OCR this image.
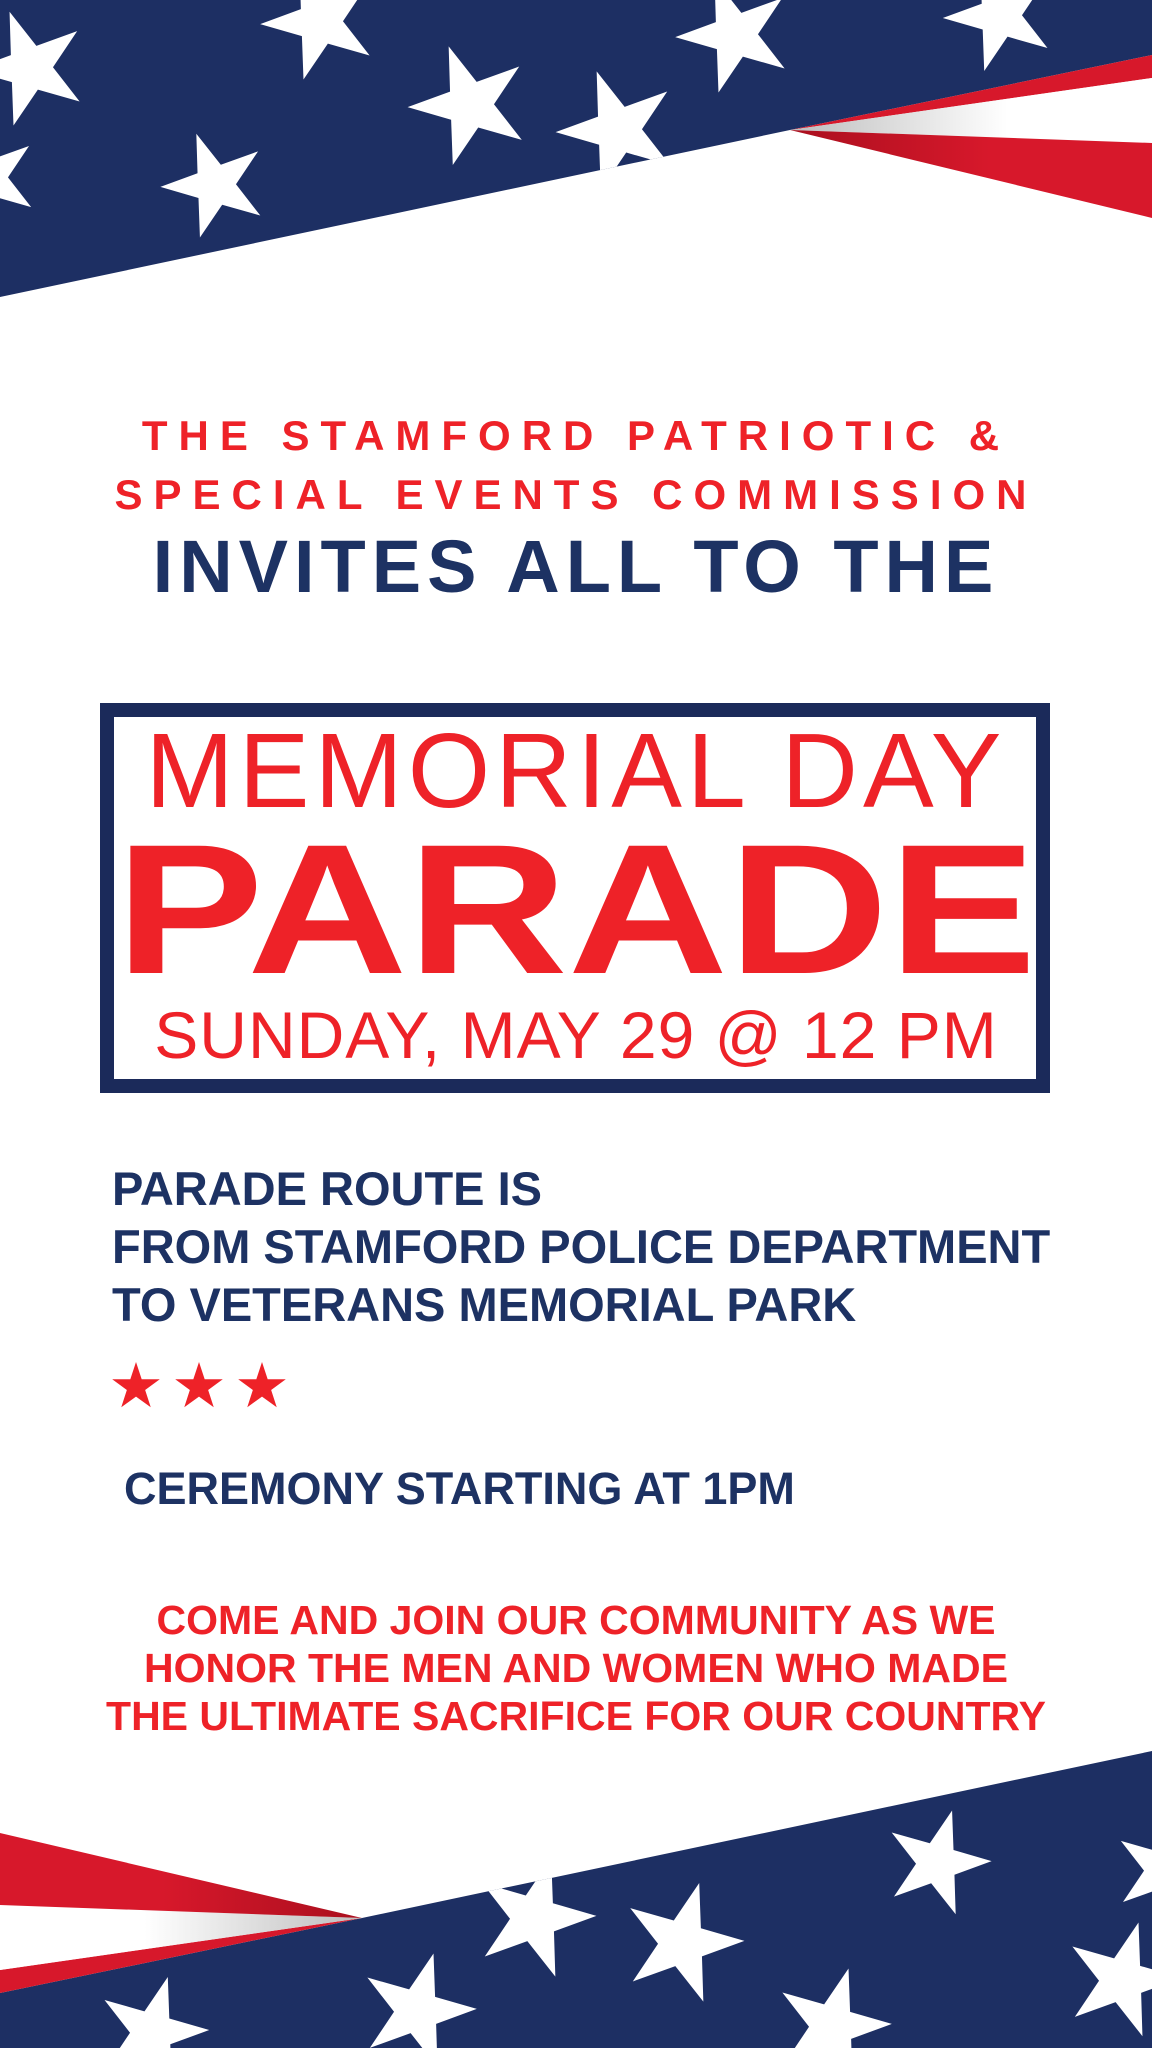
THE STAMFORD PATRIOTIC &
SPECIAL EVENTS COMMISSION
INVITES ALL TO THE
MEMORIAL DAY
PARADE
SUNDAY, MAY 29 @ 12 PM
PARADE ROUTE IS
FROM STAMFORD POLICE DEPARTMENT
TO VETERANS MEMORIAL PARK
CEREMONY STARTING AT 1PM
COME AND JOIN OUR COMMUNITY AS WE
HONOR THE MEN AND WOMEN WHO MADE
THE ULTIMATE SACRIFICE FOR OUR COUNTRY
